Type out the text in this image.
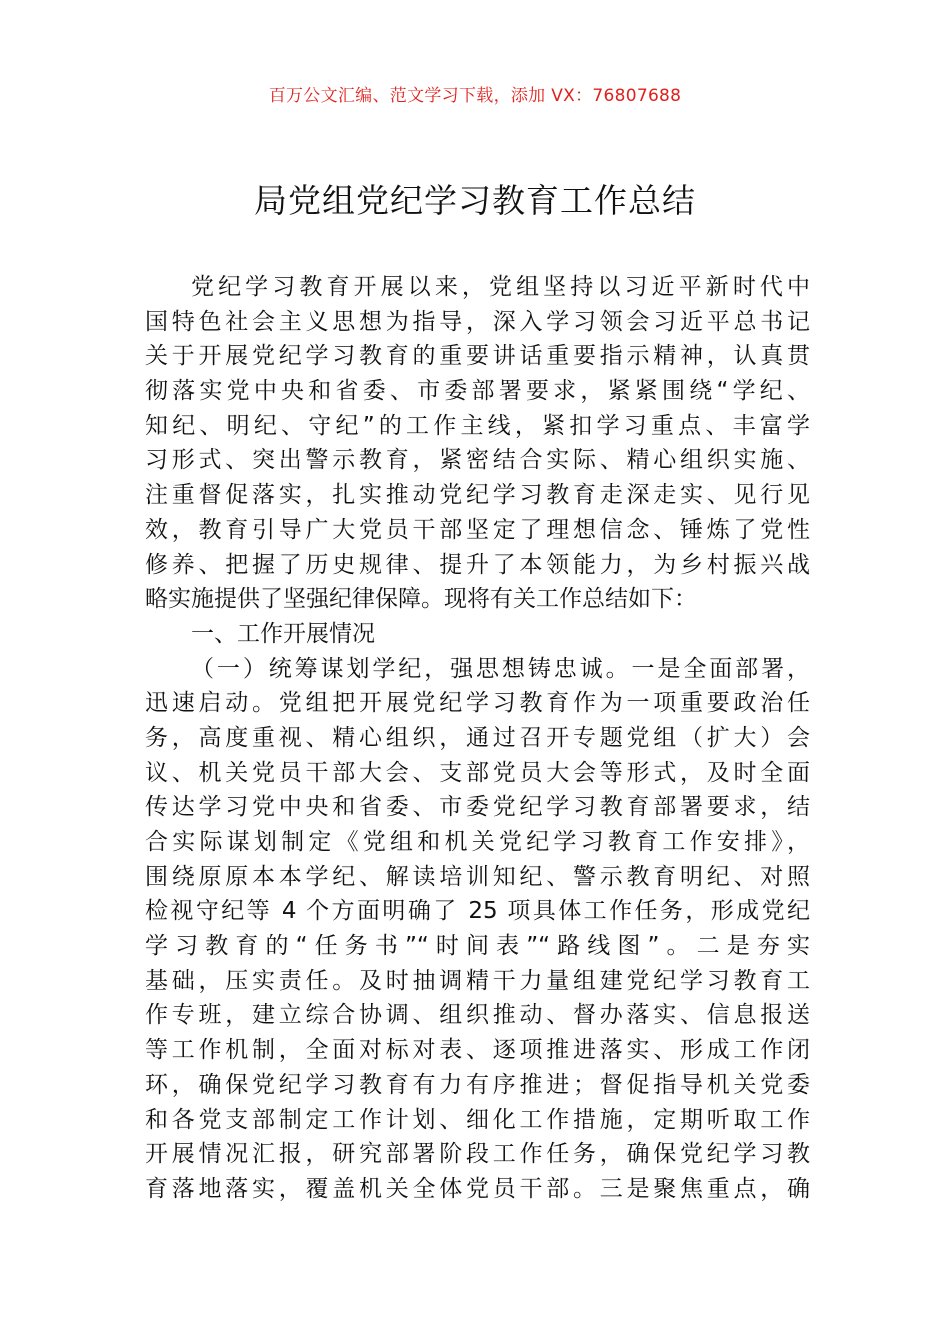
百万公文汇编、范文学习下载，添加 VX：76807688
局党组党纪学习教育工作总结
党纪学习教育开展以来，党组坚持以习近平新时代中
国特色社会主义思想为指导，深入学习领会习近平总书记
关于开展党纪学习教育的重要讲话重要指示精神，认真贯
彻落实党中央和省委、市委部署要求，紧紧围绕“学纪、
知纪、明纪、守纪”的工作主线，紧扣学习重点、丰富学
习形式、突出警示教育，紧密结合实际、精心组织实施、
注重督促落实，扎实推动党纪学习教育走深走实、见行见
效，教育引导广大党员干部坚定了理想信念、锤炼了党性
修养、把握了历史规律、提升了本领能力，为乡村振兴战
略实施提供了坚强纪律保障。现将有关工作总结如下：
一、工作开展情况
（一）统筹谋划学纪，强思想铸忠诚。一是全面部署，
迅速启动。党组把开展党纪学习教育作为一项重要政治任
务，高度重视、精心组织，通过召开专题党组（扩大）会
议、机关党员干部大会、支部党员大会等形式，及时全面
传达学习党中央和省委、市委党纪学习教育部署要求，结
合实际谋划制定《党组和机关党纪学习教育工作安排》，
围绕原原本本学纪、解读培训知纪、警示教育明纪、对照
检视守纪等 4 个方面明确了 25 项具体工作任务，形成党纪
学习教育的“任务书”“时间表”“路线图”。二是夯实
基础，压实责任。及时抽调精干力量组建党纪学习教育工
作专班，建立综合协调、组织推动、督办落实、信息报送
等工作机制，全面对标对表、逐项推进落实、形成工作闭
环，确保党纪学习教育有力有序推进；督促指导机关党委
和各党支部制定工作计划、细化工作措施，定期听取工作
开展情况汇报，研究部署阶段工作任务，确保党纪学习教
育落地落实，覆盖机关全体党员干部。三是聚焦重点，确
